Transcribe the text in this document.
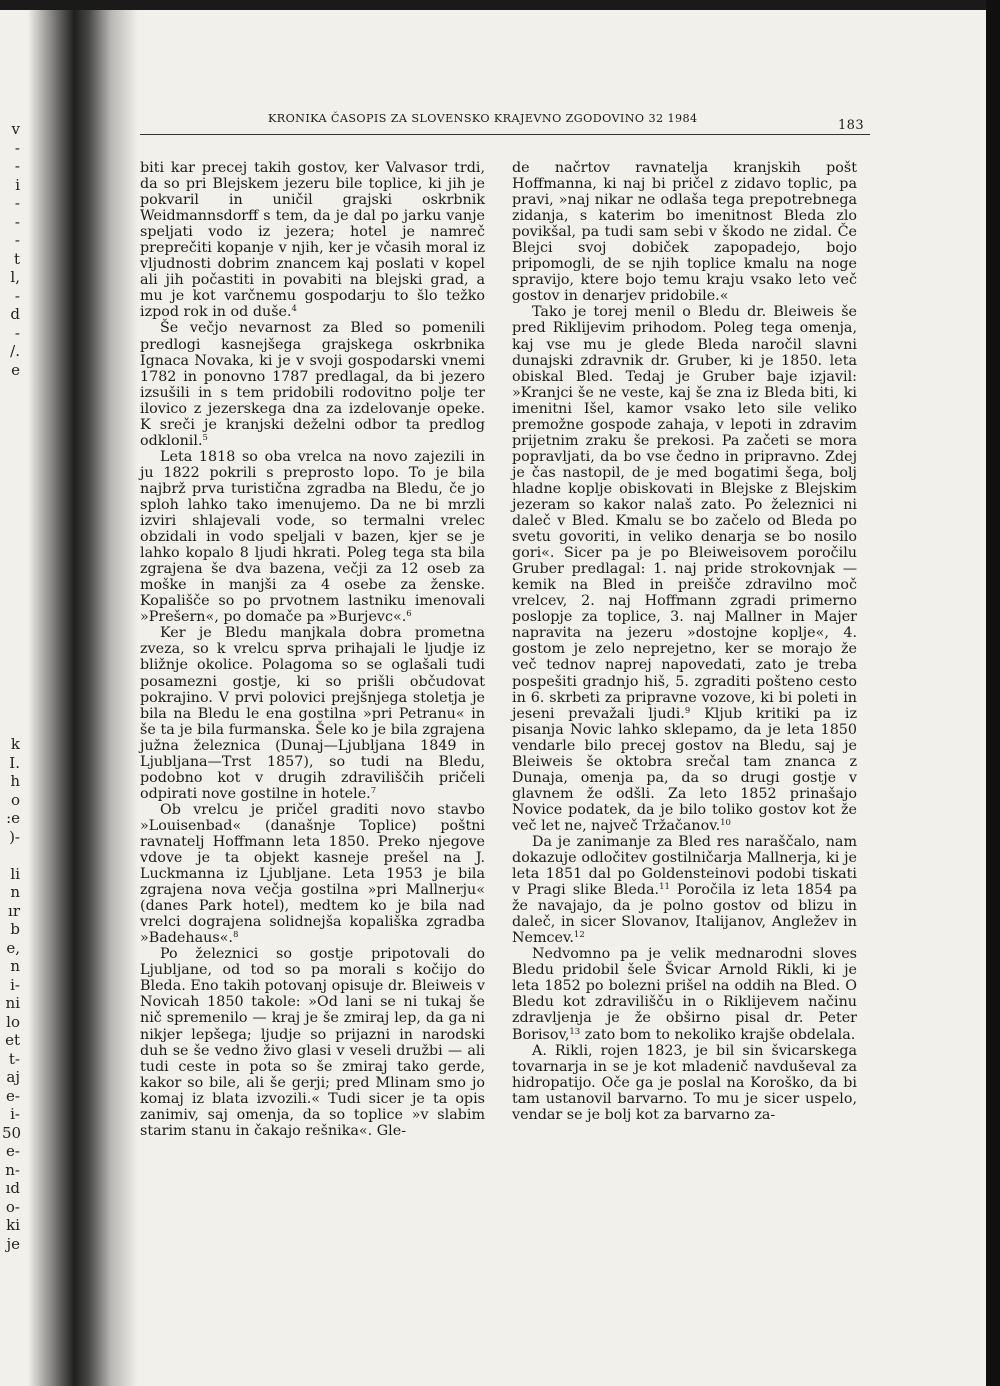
v
-
-
i
-
-
-
t
l,
-
d
-
/.
e
k
I.
h
o
:e
)-
li
n
ır
b
e,
n
i-
ni
lo
et
t-
aj
e-
i-
50
e-
n-
ıd
o-
ki
je
KRONIKA ČASOPIS ZA SLOVENSKO KRAJEVNO ZGODOVINO 32 1984	183

biti kar precej takih gostov, ker Valvasor trdi, da so pri Blejskem jezeru bile toplice, ki jih je pokvaril in uničil grajski oskrbnik Weidmannsdorff s tem, da je dal po jarku vanje speljati vodo iz jezera; hotel je namreč preprečiti kopanje v njih, ker je včasih moral iz vljudnosti dobrim znancem kaj poslati v kopel ali jih počastiti in povabiti na blejski grad, a mu je kot varčnemu gospodarju to šlo težko izpod rok in od duše.$^4$

Še večjo nevarnost za Bled so pomenili predlogi kasnejšega grajskega oskrbnika Ignaca Novaka, ki je v svoji gospodarski vnemi 1782 in ponovno 1787 predlagal, da bi jezero izsušili in s tem pridobili rodovitno polje ter ilovico z jezerskega dna za izdelovanje opeke. K sreči je kranjski deželni odbor ta predlog odklonil.$^5$

Leta 1818 so oba vrelca na novo zajezili in ju 1822 pokrili s preprosto lopo. To je bila najbrž prva turistična zgradba na Bledu, če jo sploh lahko tako imenujemo. Da ne bi mrzli izviri shlajevali vode, so termalni vrelec obzidali in vodo speljali v bazen, kjer se je lahko kopalo 8 ljudi hkrati. Poleg tega sta bila zgrajena še dva bazena, večji za 12 oseb za moške in manjši za 4 osebe za ženske. Kopališče so po prvotnem lastniku imenovali »Prešern«, po domače pa »Burjevc«.$^6$

Ker je Bledu manjkala dobra prometna zveza, so k vrelcu sprva prihajali le ljudje iz bližnje okolice. Polagoma so se oglašali tudi posamezni gostje, ki so prišli občudovat pokrajino. V prvi polovici prejšnjega stoletja je bila na Bledu le ena gostilna »pri Petranu« in še ta je bila furmanska. Šele ko je bila zgrajena južna železnica (Dunaj—Ljubljana 1849 in Ljubljana—Trst 1857), so tudi na Bledu, podobno kot v drugih zdraviliščih pričeli odpirati nove gostilne in hotele.$^7$

Ob vrelcu je pričel graditi novo stavbo »Louisenbad« (današnje Toplice) poštni ravnatelj Hoffmann leta 1850. Preko njegove vdove je ta objekt kasneje prešel na J. Luckmanna iz Ljubljane. Leta 1953 je bila zgrajena nova večja gostilna »pri Mallnerju« (danes Park hotel), medtem ko je bila nad vrelci dograjena solidnejša kopališka zgradba »Badehaus«.$^8$

Po železnici so gostje pripotovali do Ljubljane, od tod so pa morali s kočijo do Bleda. Eno takih potovanj opisuje dr. Bleiweis v Novicah 1850 takole: »Od lani se ni tukaj še nič spremenilo — kraj je še zmiraj lep, da ga ni nikjer lepšega; ljudje so prijazni in narodski duh se še vedno živo glasi v veseli družbi — ali tudi ceste in pota so še zmiraj tako gerde, kakor so bile, ali še gerji; pred Mlinam smo jo komaj iz blata izvozili.« Tudi sicer je ta opis zanimiv, saj omenja, da so toplice »v slabim starim stanu in čakajo rešnika«. Gle-

de načrtov ravnatelja kranjskih pošt Hoffmanna, ki naj bi pričel z zidavo toplic, pa pravi, »naj nikar ne odlaša tega prepotrebnega zidanja, s katerim bo imenitnost Bleda zlo povikšal, pa tudi sam sebi v škodo ne zidal. Če Blejci svoj dobiček zapopadejo, bojo pripomogli, de se njih toplice kmalu na noge spravijo, ktere bojo temu kraju vsako leto več gostov in denarjev pridobile.«

Tako je torej menil o Bledu dr. Bleiweis še pred Riklijevim prihodom. Poleg tega omenja, kaj vse mu je glede Bleda naročil slavni dunajski zdravnik dr. Gruber, ki je 1850. leta obiskal Bled. Tedaj je Gruber baje izjavil: »Kranjci še ne veste, kaj še zna iz Bleda biti, ki imenitni Išel, kamor vsako leto sile veliko premožne gospode zahaja, v lepoti in zdravim prijetnim zraku še prekosi. Pa začeti se mora popravljati, da bo vse čedno in pripravno. Zdej je čas nastopil, de je med bogatimi šega, bolj hladne koplje obiskovati in Blejske z Blejskim jezeram so kakor nalaš zato. Po železnici ni daleč v Bled. Kmalu se bo začelo od Bleda po svetu govoriti, in veliko denarja se bo nosilo gori«. Sicer pa je po Bleiweisovem poročilu Gruber predlagal: 1. naj pride strokovnjak — kemik na Bled in preišče zdravilno moč vrelcev, 2. naj Hoffmann zgradi primerno poslopje za toplice, 3. naj Mallner in Majer napravita na jezeru »dostojne koplje«, 4. gostom je zelo neprejetno, ker se morajo že več tednov naprej napovedati, zato je treba pospešiti gradnjo hiš, 5. zgraditi pošteno cesto in 6. skrbeti za pripravne vozove, ki bi poleti in jeseni prevažali ljudi.$^9$ Kljub kritiki pa iz pisanja Novic lahko sklepamo, da je leta 1850 vendarle bilo precej gostov na Bledu, saj je Bleiweis še oktobra srečal tam znanca z Dunaja, omenja pa, da so drugi gostje v glavnem že odšli. Za leto 1852 prinašajo Novice podatek, da je bilo toliko gostov kot že več let ne, največ Tržačanov.$^{10}$

Da je zanimanje za Bled res naraščalo, nam dokazuje odločitev gostilničarja Mallnerja, ki je leta 1851 dal po Goldensteinovi podobi tiskati v Pragi slike Bleda.$^{11}$ Poročila iz leta 1854 pa že navajajo, da je polno gostov od blizu in daleč, in sicer Slovanov, Italijanov, Angležev in Nemcev.$^{12}$

Nedvomno pa je velik mednarodni sloves Bledu pridobil šele Švicar Arnold Rikli, ki je leta 1852 po bolezni prišel na oddih na Bled. O Bledu kot zdravilišču in o Riklijevem načinu zdravljenja je že obširno pisal dr. Peter Borisov,$^{13}$ zato bom to nekoliko krajše obdelala.

A. Rikli, rojen 1823, je bil sin švicarskega tovarnarja in se je kot mladenič navduševal za hidropatijo. Oče ga je poslal na Koroško, da bi tam ustanovil barvarno. To mu je sicer uspelo, vendar se je bolj kot za barvarno za-
